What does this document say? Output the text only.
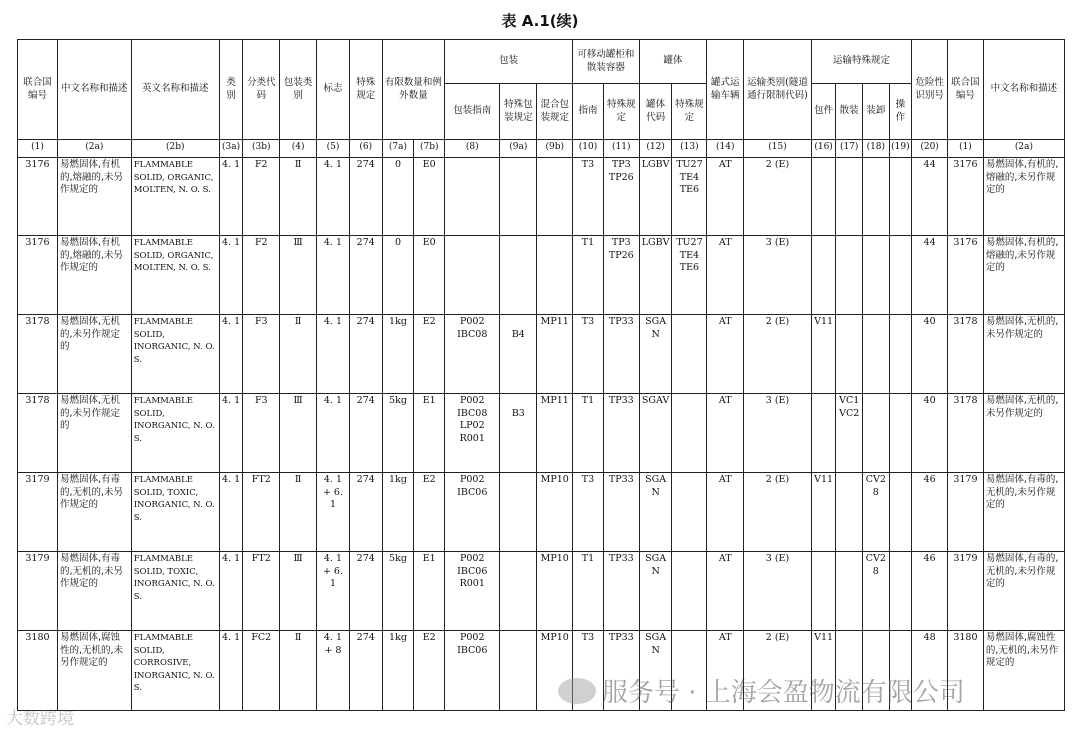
表 A.1(续)
联合国编号	中文名称和描述	英文名称和描述	类别	分类代码	包装类别	标志	特殊规定	有限数量和例外数量		包装			可移动罐柜和散装容器		罐体		罐式运输车辆	运输类别(隧道通行限制代码)	运输特殊规定				危险性识别号	联合国编号	中文名称和描述
										包装指南	特殊包装规定	混合包装规定	指南	特殊规定	罐体代码	特殊规定			包件	散装	装卸	操作			
(1)	(2a)	(2b)	(3a)	(3b)	(4)	(5)	(6)	(7a)	(7b)	(8)	(9a)	(9b)	(10)	(11)	(12)	(13)	(14)	(15)	(16)	(17)	(18)	(19)	(20)	(1)	(2a)
3176	易燃固体,有机的,熔融的,未另作规定的	FLAMMABLE SOLID, ORGANIC, MOLTEN, N. O. S.	4. 1	F2	Ⅱ	4. 1	274	0	E0				T3	TP3 TP26	LGBV	TU27 TE4 TE6	AT	2 (E)					44	3176	易燃固体,有机的,熔融的,未另作规定的
3176	易燃固体,有机的,熔融的,未另作规定的	FLAMMABLE SOLID, ORGANIC, MOLTEN, N. O. S.	4. 1	F2	Ⅲ	4. 1	274	0	E0				T1	TP3 TP26	LGBV	TU27 TE4 TE6	AT	3 (E)					44	3176	易燃固体,有机的,熔融的,未另作规定的
3178	易燃固体,无机的,未另作规定的	FLAMMABLE SOLID, INORGANIC, N. O. S.	4. 1	F3	Ⅱ	4. 1	274	1kg	E2	P002 IBC08	B4	MP11	T3	TP33	SGAN		AT	2 (E)	V11				40	3178	易燃固体,无机的,未另作规定的
3178	易燃固体,无机的,未另作规定的	FLAMMABLE SOLID, INORGANIC, N. O. S.	4. 1	F3	Ⅲ	4. 1	274	5kg	E1	P002 IBC08 LP02 R001	B3	MP11	T1	TP33	SGAV		AT	3 (E)		VC1 VC2			40	3178	易燃固体,无机的,未另作规定的
3179	易燃固体,有毒的,无机的,未另作规定的	FLAMMABLE SOLID, TOXIC, INORGANIC, N. O. S.	4. 1	FT2	Ⅱ	4. 1 + 6. 1	274	1kg	E2	P002 IBC06		MP10	T3	TP33	SGAN		AT	2 (E)	V11		CV28		46	3179	易燃固体,有毒的,无机的,未另作规定的
3179	易燃固体,有毒的,无机的,未另作规定的	FLAMMABLE SOLID, TOXIC, INORGANIC, N. O. S.	4. 1	FT2	Ⅲ	4. 1 + 6. 1	274	5kg	E1	P002 IBC06 R001		MP10	T1	TP33	SGAN		AT	3 (E)			CV28		46	3179	易燃固体,有毒的,无机的,未另作规定的
3180	易燃固体,腐蚀性的,无机的,未另作规定的	FLAMMABLE SOLID, CORROSIVE, INORGANIC, N. O. S.	4. 1	FC2	Ⅱ	4. 1 + 8	274	1kg	E2	P002 IBC06		MP10	T3	TP33	SGAN		AT	2 (E)	V11				48	3180	易燃固体,腐蚀性的,无机的,未另作规定的
服务号 · 上海会盈物流有限公司
大数跨境
